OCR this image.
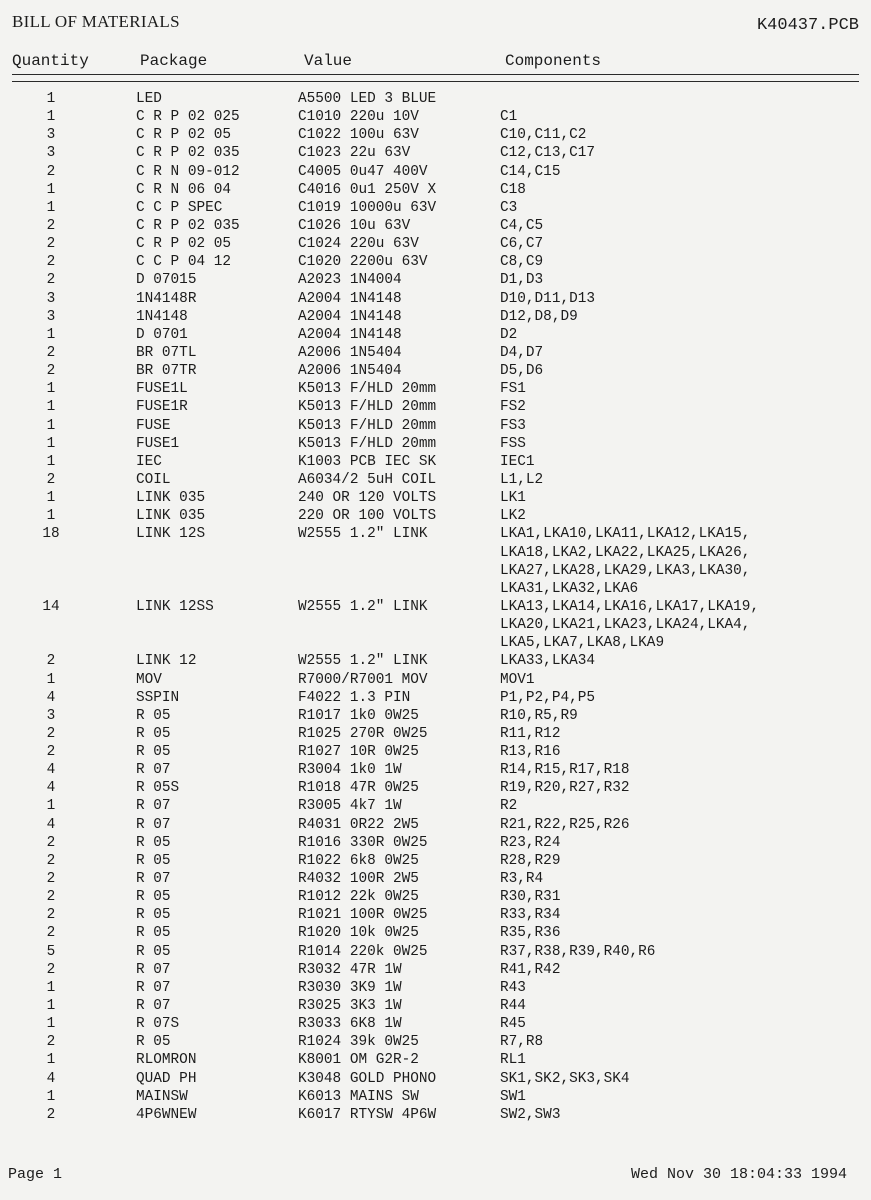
BILL OF MATERIALS	K40437.PCB
Quantity	Package	Value	Components
1	LED	A5500 LED 3 BLUE
1	C R P 02 025	C1010 220u 10V	C1
3	C R P 02 05	C1022 100u 63V	C10,C11,C2
3	C R P 02 035	C1023 22u 63V	C12,C13,C17
2	C R N 09-012	C4005 0u47 400V	C14,C15
1	C R N 06 04	C4016 0u1 250V X	C18
1	C C P SPEC	C1019 10000u 63V	C3
2	C R P 02 035	C1026 10u 63V	C4,C5
2	C R P 02 05	C1024 220u 63V	C6,C7
2	C C P 04 12	C1020 2200u 63V	C8,C9
2	D 07015	A2023 1N4004	D1,D3
3	1N4148R	A2004 1N4148	D10,D11,D13
3	1N4148	A2004 1N4148	D12,D8,D9
1	D 0701	A2004 1N4148	D2
2	BR 07TL	A2006 1N5404	D4,D7
2	BR 07TR	A2006 1N5404	D5,D6
1	FUSE1L	K5013 F/HLD 20mm	FS1
1	FUSE1R	K5013 F/HLD 20mm	FS2
1	FUSE	K5013 F/HLD 20mm	FS3
1	FUSE1	K5013 F/HLD 20mm	FSS
1	IEC	K1003 PCB IEC SK	IEC1
2	COIL	A6034/2 5uH COIL	L1,L2
1	LINK 035	240 OR 120 VOLTS	LK1
1	LINK 035	220 OR 100 VOLTS	LK2
18	LINK 12S	W2555 1.2" LINK	LKA1,LKA10,LKA11,LKA12,LKA15,
LKA18,LKA2,LKA22,LKA25,LKA26,
LKA27,LKA28,LKA29,LKA3,LKA30,
LKA31,LKA32,LKA6
14	LINK 12SS	W2555 1.2" LINK	LKA13,LKA14,LKA16,LKA17,LKA19,
LKA20,LKA21,LKA23,LKA24,LKA4,
LKA5,LKA7,LKA8,LKA9
2	LINK 12	W2555 1.2" LINK	LKA33,LKA34
1	MOV	R7000/R7001 MOV	MOV1
4	SSPIN	F4022 1.3 PIN	P1,P2,P4,P5
3	R 05	R1017 1k0 0W25	R10,R5,R9
2	R 05	R1025 270R 0W25	R11,R12
2	R 05	R1027 10R 0W25	R13,R16
4	R 07	R3004 1k0 1W	R14,R15,R17,R18
4	R 05S	R1018 47R 0W25	R19,R20,R27,R32
1	R 07	R3005 4k7 1W	R2
4	R 07	R4031 0R22 2W5	R21,R22,R25,R26
2	R 05	R1016 330R 0W25	R23,R24
2	R 05	R1022 6k8 0W25	R28,R29
2	R 07	R4032 100R 2W5	R3,R4
2	R 05	R1012 22k 0W25	R30,R31
2	R 05	R1021 100R 0W25	R33,R34
2	R 05	R1020 10k 0W25	R35,R36
5	R 05	R1014 220k 0W25	R37,R38,R39,R40,R6
2	R 07	R3032 47R 1W	R41,R42
1	R 07	R3030 3K9 1W	R43
1	R 07	R3025 3K3 1W	R44
1	R 07S	R3033 6K8 1W	R45
2	R 05	R1024 39k 0W25	R7,R8
1	RLOMRON	K8001 OM G2R-2	RL1
4	QUAD PH	K3048 GOLD PHONO	SK1,SK2,SK3,SK4
1	MAINSW	K6013 MAINS SW	SW1
2	4P6WNEW	K6017 RTYSW 4P6W	SW2,SW3
Page 1	Wed Nov 30 18:04:33 1994
